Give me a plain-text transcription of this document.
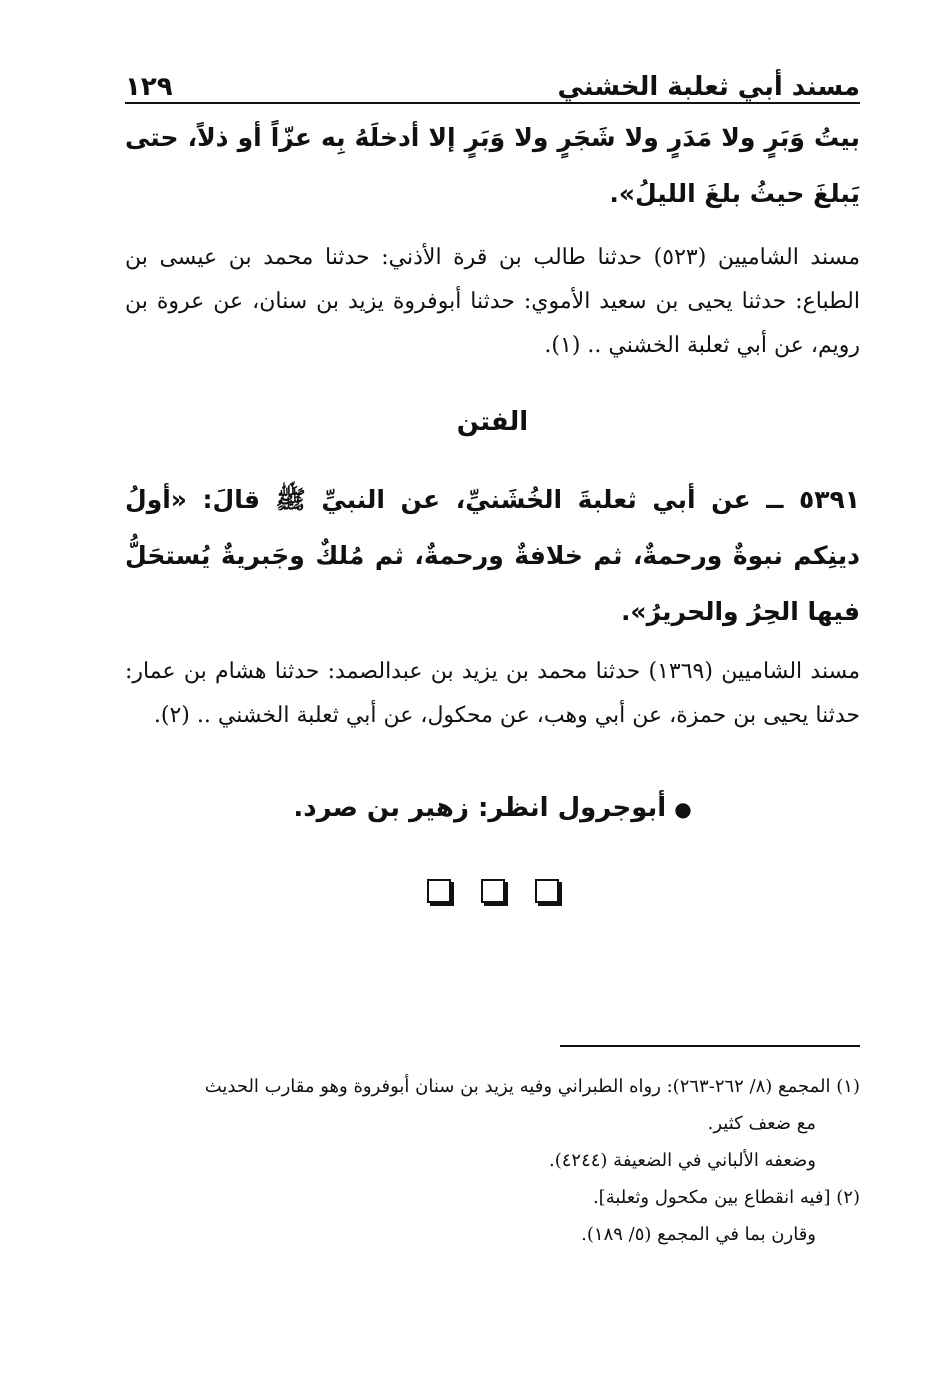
مسند أبي ثعلبة الخشني
١٢٩

بيتُ وَبَرٍ ولا مَدَرٍ ولا شَجَرٍ ولا وَبَرٍ إلا أدخلَهُ بِه عزّاً أو ذلاً، حتى يَبلغَ حيثُ بلغَ الليلُ».

مسند الشاميين (٥٢٣) حدثنا طالب بن قرة الأذني: حدثنا محمد بن عيسى بن الطباع: حدثنا يحيى بن سعيد الأموي: حدثنا أبوفروة يزيد بن سنان، عن عروة بن رويم، عن أبي ثعلبة الخشني .. (١).

الفتن

٥٣٩١ ــ عن أبي ثعلبةَ الخُشَنيِّ، عن النبيِّ ﷺ قالَ: «أولُ دينِكم نبوةٌ ورحمةٌ، ثم خلافةٌ ورحمةٌ، ثم مُلكٌ وجَبريةٌ يُستحَلُّ فيها الحِرُ والحريرُ».

مسند الشاميين (١٣٦٩) حدثنا محمد بن يزيد بن عبدالصمد: حدثنا هشام بن عمار: حدثنا يحيى بن حمزة، عن أبي وهب، عن محكول، عن أبي ثعلبة الخشني .. (٢).

●أبوجرول انظر: زهير بن صرد.

(١) المجمع (٨/ ٢٦٢-٢٦٣): رواه الطبراني وفيه يزيد بن سنان أبوفروة وهو مقارب الحديث

مع ضعف كثير.

وضعفه الألباني في الضعيفة (٤٢٤٤).

(٢) [فيه انقطاع بين مكحول وثعلبة].

وقارن بما في المجمع (٥/ ١٨٩).
